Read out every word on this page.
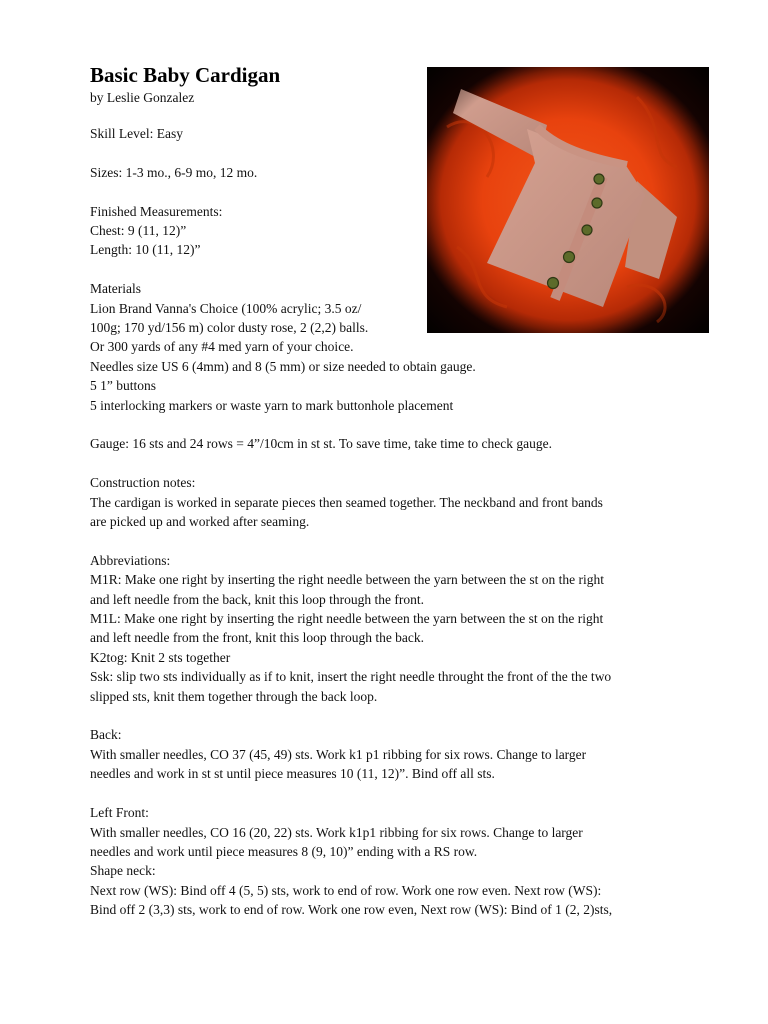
Basic Baby Cardigan
by Leslie Gonzalez
Skill Level: Easy
Sizes: 1-3 mo., 6-9 mo, 12 mo.
Finished Measurements:
Chest: 9 (11, 12)”
Length: 10 (11, 12)”
Materials
Lion Brand Vanna's Choice (100% acrylic; 3.5 oz/
100g; 170 yd/156 m) color dusty rose, 2 (2,2) balls.
Or 300 yards of any #4 med yarn of your choice.
Needles size US 6 (4mm) and 8 (5 mm) or size needed to obtain gauge.
5 1” buttons
5 interlocking markers or waste yarn to mark buttonhole placement
Gauge: 16 sts and 24 rows = 4”/10cm in st st. To save time, take time to check gauge.
Construction notes:
The cardigan is worked in separate pieces then seamed together. The neckband and front bands
are picked up and worked after seaming.
Abbreviations:
M1R: Make one right by inserting the right needle between the yarn between the st on the right
and left needle from the back, knit this loop through the front.
M1L: Make one right by inserting the right needle between the yarn between the st on the right
and left needle from the front, knit this loop through the back.
K2tog: Knit 2 sts together
Ssk: slip two sts individually as if to knit, insert the right needle throught the front of the the two
slipped sts, knit them together through the back loop.
Back:
With smaller needles, CO 37 (45, 49) sts. Work k1 p1 ribbing for six rows. Change to larger
needles and work in st st until piece measures 10 (11, 12)”. Bind off all sts.
Left Front:
With smaller needles, CO 16 (20, 22) sts. Work k1p1 ribbing for six rows. Change to larger
needles and work until piece measures 8 (9, 10)” ending with a RS row.
Shape neck:
Next row (WS): Bind off 4 (5, 5) sts, work to end of row. Work one row even. Next row (WS):
Bind off 2 (3,3) sts, work to end of row. Work one row even, Next row (WS): Bind of 1 (2, 2)sts,
